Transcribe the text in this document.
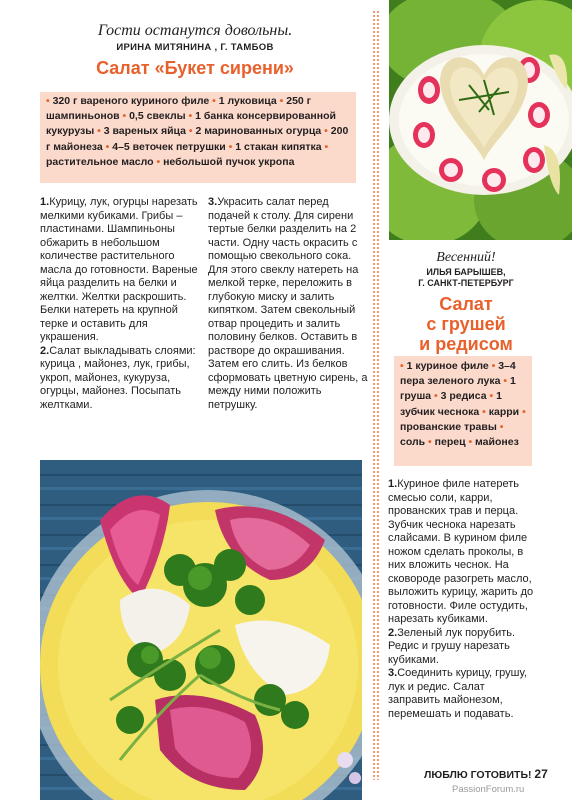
Гости останутся довольны.
ИРИНА МИТЯНИНА , Г. ТАМБОВ
Салат «Букет сирени»
• 320 г вареного куриного филе • 1 луковица • 250 г шампиньонов • 0,5 свеклы • 1 банка консервированной кукурузы • 3 вареных яйца • 2 маринованных огурца • 200 г майонеза • 4–5 веточек петрушки • 1 стакан кипятка • растительное масло • небольшой пучок укропа

1.Курицу, лук, огурцы нарезать мелкими кубиками. Грибы – пластинами. Шампиньоны обжарить в небольшом количестве растительного масла до готовности. Вареные яйца разделить на белки и желтки. Желтки раскрошить. Белки натереть на крупной терке и оставить для украшения.

2.Салат выкладывать слоями: курица , майонез, лук, грибы, укроп, майонез, кукуруза, огурцы, майонез. Посыпать желтками.

3.Украсить салат перед подачей к столу. Для сирени тертые белки разделить на 2 части. Одну часть окрасить с помощью свекольного сока. Для этого свеклу натереть на мелкой терке, переложить в глубокую миску и залить кипятком. Затем свекольный отвар процедить и залить половину белков. Оставить в растворе до окрашивания. Затем его слить. Из белков сформовать цветную сирень, а между ними положить петрушку.

Весенний!
ИЛЬЯ БАРЫШЕВ,
Г. САНКТ-ПЕТЕРБУРГ
Салат
с грушей
и редисом
• 1 куриное филе • 3–4 пера зеленого лука • 1 груша • 3 редиса • 1 зубчик чеснока • карри • прованские травы • соль • перец • майонез

1.Куриное филе натереть смесью соли, карри, прованских трав и перца. Зубчик чеснока нарезать слайсами. В курином филе ножом сделать проколы, в них вложить чеснок. На сковороде разогреть масло, выложить курицу, жарить до готовности. Филе остудить, нарезать кубиками.

2.Зеленый лук порубить. Редис и грушу нарезать кубиками.

3.Соединить курицу, грушу, лук и редис. Салат заправить майонезом, перемешать и подавать.

ЛЮБЛЮ ГОТОВИТЬ! 27
PassionForum.ru
